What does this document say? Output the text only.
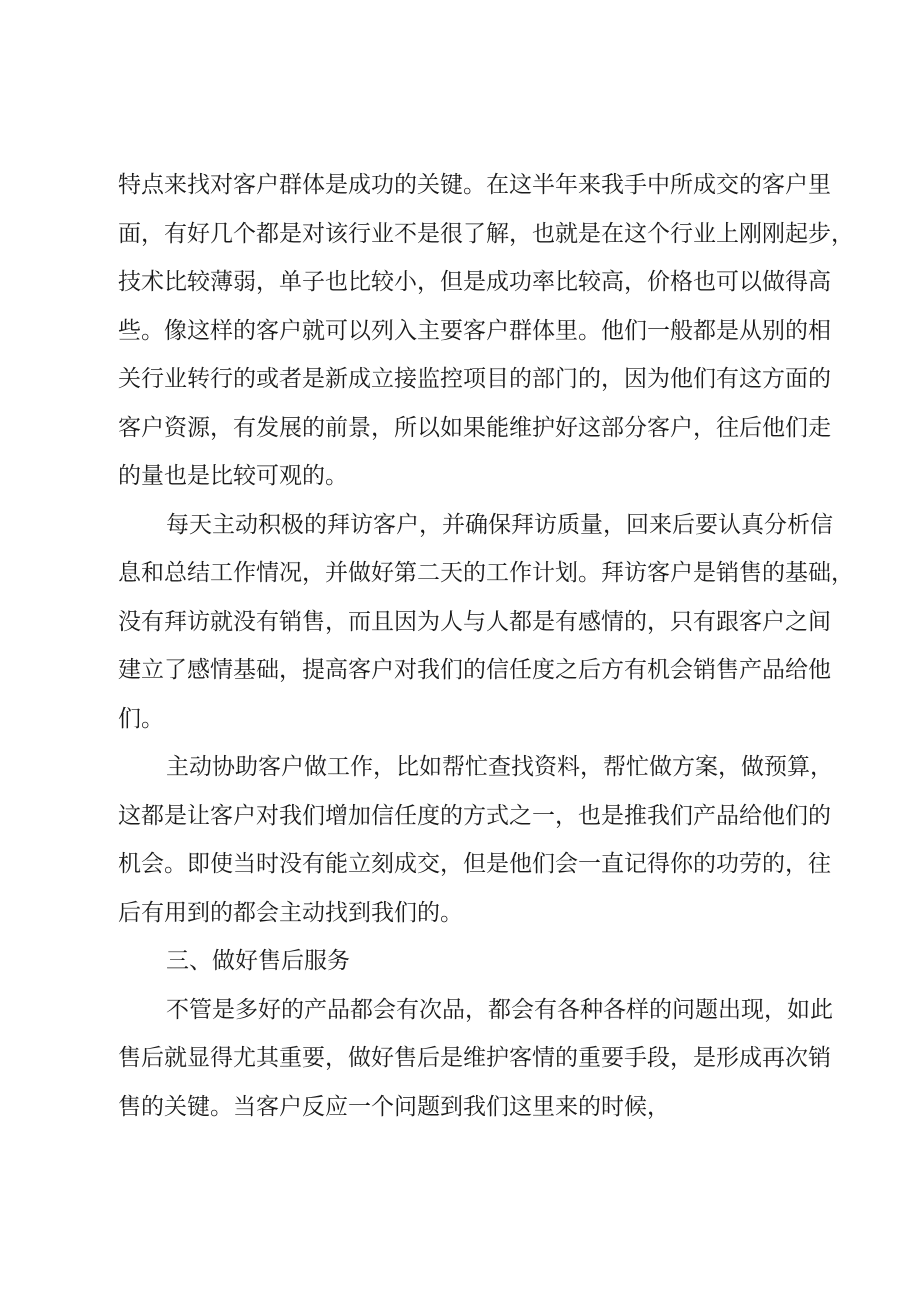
特点来找对客户群体是成功的关键。在这半年来我手中所成交的客户里
面，有好几个都是对该行业不是很了解，也就是在这个行业上刚刚起步，
技术比较薄弱，单子也比较小，但是成功率比较高，价格也可以做得高
些。像这样的客户就可以列入主要客户群体里。他们一般都是从别的相
关行业转行的或者是新成立接监控项目的部门的，因为他们有这方面的
客户资源，有发展的前景，所以如果能维护好这部分客户，往后他们走
的量也是比较可观的。
每天主动积极的拜访客户，并确保拜访质量，回来后要认真分析信
息和总结工作情况，并做好第二天的工作计划。拜访客户是销售的基础，
没有拜访就没有销售，而且因为人与人都是有感情的，只有跟客户之间
建立了感情基础，提高客户对我们的信任度之后方有机会销售产品给他
们。
主动协助客户做工作，比如帮忙查找资料，帮忙做方案，做预算，
这都是让客户对我们增加信任度的方式之一，也是推我们产品给他们的
机会。即使当时没有能立刻成交，但是他们会一直记得你的功劳的，往
后有用到的都会主动找到我们的。
三、做好售后服务
不管是多好的产品都会有次品，都会有各种各样的问题出现，如此
售后就显得尤其重要，做好售后是维护客情的重要手段，是形成再次销
售的关键。当客户反应一个问题到我们这里来的时候，
